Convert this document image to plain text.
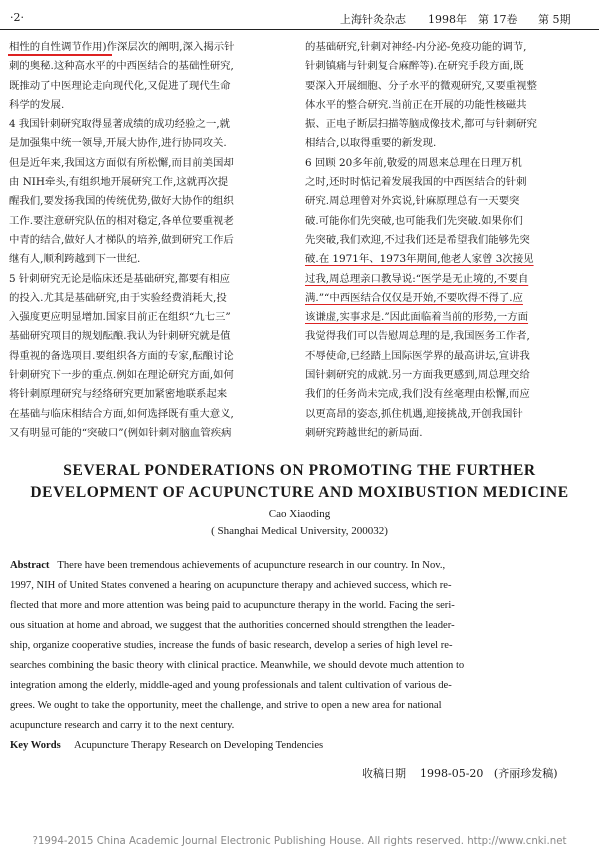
·2·	上海针灸杂志 1998年 第 17卷 第 5期
相性的自性调节作用)作深层次的阐明,深入揭示针
刺的奥秘.这种高水平的中西医结合的基础性研究,
既推动了中医理论走向现代化,又促进了现代生命
科学的发展.
4 我国针刺研究取得显著成绩的成功经验之一,就
是加强集中统一领导,开展大协作,进行协同攻关.
但是近年来,我国这方面似有所松懈,而目前美国却
由 NIH牵头,有组织地开展研究工作,这就再次提
醒我们,要发扬我国的传统优势,做好大协作的组织
工作.要注意研究队伍的相对稳定,各单位要重视老
中青的结合,做好人才梯队的培养,做到研究工作后
继有人,顺利跨越到下一世纪.
5 针刺研究无论是临床还是基础研究,都要有相应
的投入.尤其是基础研究,由于实验经费消耗大,投
入强度更应明显增加.国家目前正在组织“九七三”
基础研究项目的规划酝酿.我认为针刺研究就是值
得重视的备选项目.要组织各方面的专家,酝酿讨论
针刺研究下一步的重点.例如在理论研究方面,如何
将针刺原理研究与经络研究更加紧密地联系起来
在基础与临床相结合方面,如何选择既有重大意义,
又有明显可能的“突破口”(例如针刺对脑血管疾病
的基础研究,针刺对神经-内分泌-免疫功能的调节,
针刺镇痛与针刺复合麻醉等).在研究手段方面,既
要深入开展细胞、分子水平的微观研究,又要重视整
体水平的整合研究.当前正在开展的功能性核磁共
振、正电子断层扫描等脑成像技术,都可与针刺研究
相结合,以取得重要的新发现.
6 回顾 20多年前,敬爱的周恩来总理在日理万机
之时,还时时惦记着发展我国的中西医结合的针刺
研究.周总理曾对外宾说,针麻原理总有一天要突
破.可能你们先突破,也可能我们先突破.如果你们
先突破,我们欢迎,不过我们还是希望我们能够先突
破.在 1971年、1973年期间,他老人家曾 3次接见
过我,周总理亲口教导说:“医学是无止境的,不要自
满.”“中西医结合仅仅是开始,不要吹得不得了.应
该谦虚,实事求是.”因此面临着当前的形势,一方面
我觉得我们可以告慰周总理的是,我国医务工作者,
不辱使命,已经踏上国际医学界的最高讲坛,宣讲我
国针刺研究的成就.另一方面我更感到,周总理交给
我们的任务尚未完成,我们没有丝毫理由松懈,而应
以更高昂的姿态,抓住机遇,迎接挑战,开创我国针
刺研究跨越世纪的新局面.
SEVERAL PONDERATIONS ON PROMOTING THE FURTHER
DEVELOPMENT OF ACUPUNCTURE AND MOXIBUSTION MEDICINE
Cao Xiaoding
( Shanghai Medical University, 200032)
Abstract There have been tremendous achievements of acupuncture research in our country. In Nov.,
1997, NIH of United States convened a hearing on acupuncture therapy and achieved success, which re-
flected that more and more attention was being paid to acupuncture therapy in the world. Facing the seri-
ous situation at home and abroad, we suggest that the authorities concerned should strengthen the leader-
ship, organize cooperative studies, increase the funds of basic research, develop a series of high level re-
searches combining the basic theory with clinical practice. Meanwhile, we should devote much attention to
integration among the elderly, middle-aged and young professionals and talent cultivation of various de-
grees. We ought to take the opportunity, meet the challenge, and strive to open a new area for national
acupuncture research and carry it to the next century.
Key Words Acupuncture Therapy Research on Developing Tendencies
收稿日期 1998-05-20 (齐丽珍发稿)
?1994-2015 China Academic Journal Electronic Publishing House. All rights reserved. http://www.cnki.net
